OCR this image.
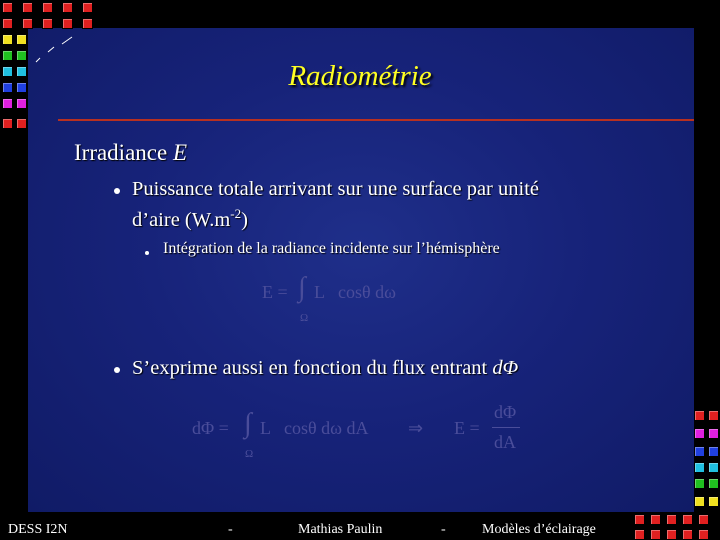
Radiométrie
Irradiance E
Puissance totale arrivant sur une surface par unité
d’aire $(W.m^{-2})$
Intégration de la radiance incidente sur l’hémisphère
E = ∫ L cosθ dω
Ω
S’exprime aussi en fonction du flux entrant dΦ
dΦ = ∫ L cosθ dω dA
Ω
⇒ E =
dΦ
dA
DESS I2N	-	Mathias Paulin	-	Modèles d’éclairage
